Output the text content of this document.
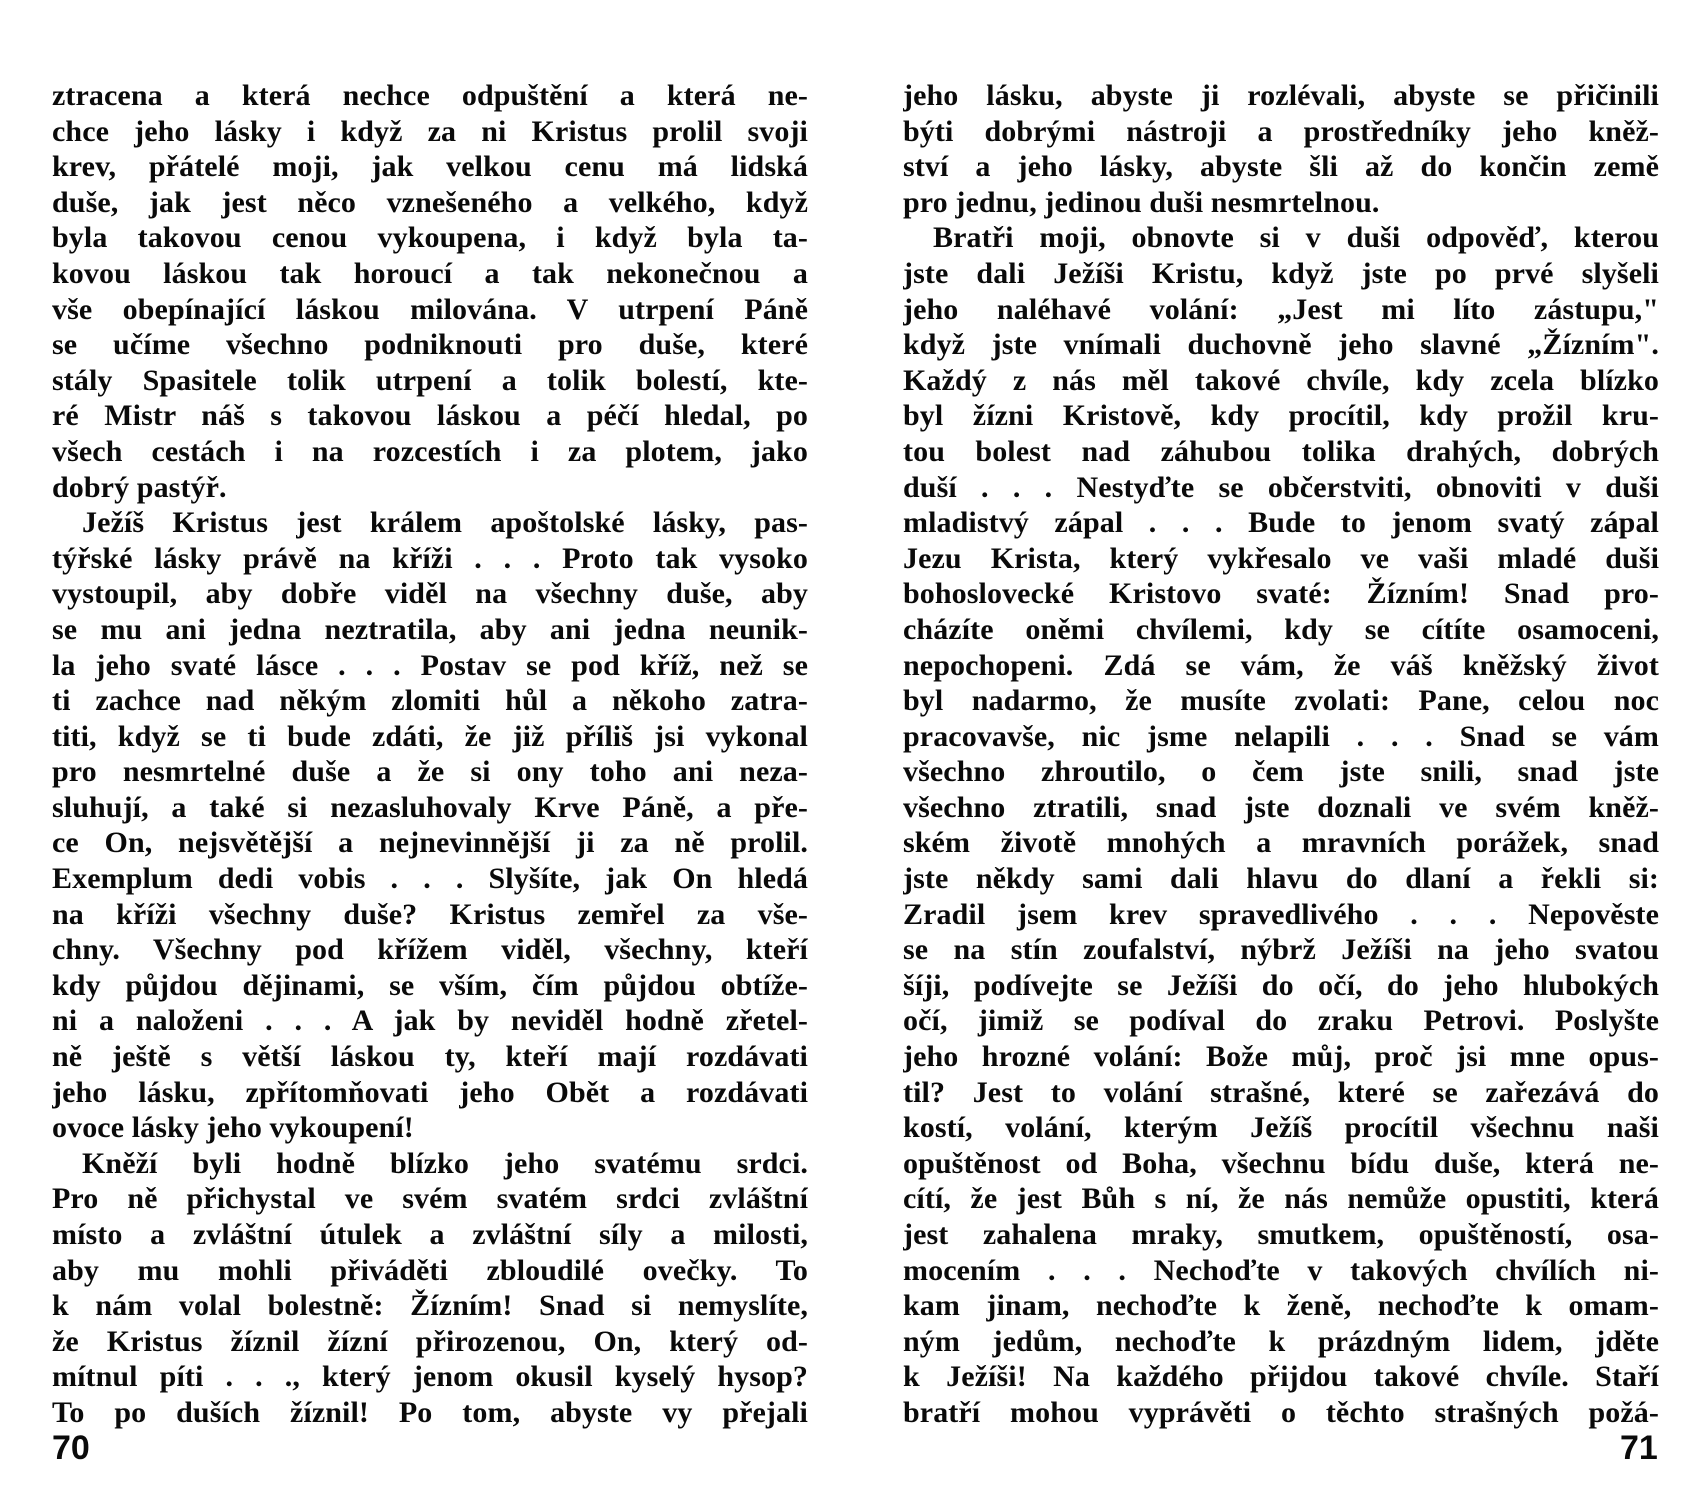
ztracena a která nechce odpuštění a která ne-
chce jeho lásky i když za ni Kristus prolil svoji
krev, přátelé moji, jak velkou cenu má lidská
duše, jak jest něco vznešeného a velkého, když
byla takovou cenou vykoupena, i když byla ta-
kovou láskou tak horoucí a tak nekonečnou a
vše obepínající láskou milována. V utrpení Páně
se učíme všechno podniknouti pro duše, které
stály Spasitele tolik utrpení a tolik bolestí, kte-
ré Mistr náš s takovou láskou a péčí hledal, po
všech cestách i na rozcestích i za plotem, jako
dobrý pastýř.
Ježíš Kristus jest králem apoštolské lásky, pas-
týřské lásky právě na kříži . . . Proto tak vysoko
vystoupil, aby dobře viděl na všechny duše, aby
se mu ani jedna neztratila, aby ani jedna neunik-
la jeho svaté lásce . . . Postav se pod kříž, než se
ti zachce nad někým zlomiti hůl a někoho zatra-
titi, když se ti bude zdáti, že již příliš jsi vykonal
pro nesmrtelné duše a že si ony toho ani neza-
sluhují, a také si nezasluhovaly Krve Páně, a pře-
ce On, nejsvětější a nejnevinnější ji za ně prolil.
Exemplum dedi vobis . . . Slyšíte, jak On hledá
na kříži všechny duše? Kristus zemřel za vše-
chny. Všechny pod křížem viděl, všechny, kteří
kdy půjdou dějinami, se vším, čím půjdou obtíže-
ni a naloženi . . . A jak by neviděl hodně zřetel-
ně ještě s větší láskou ty, kteří mají rozdávati
jeho lásku, zpřítomňovati jeho Obět a rozdávati
ovoce lásky jeho vykoupení!
Kněží byli hodně blízko jeho svatému srdci.
Pro ně přichystal ve svém svatém srdci zvláštní
místo a zvláštní útulek a zvláštní síly a milosti,
aby mu mohli přiváděti zbloudilé ovečky. To
k nám volal bolestně: Žízním! Snad si nemyslíte,
že Kristus žíznil žízní přirozenou, On, který od-
mítnul píti . . ., který jenom okusil kyselý hysop?
To po duších žíznil! Po tom, abyste vy přejali
jeho lásku, abyste ji rozlévali, abyste se přičinili
býti dobrými nástroji a prostředníky jeho kněž-
ství a jeho lásky, abyste šli až do končin země
pro jednu, jedinou duši nesmrtelnou.
Bratři moji, obnovte si v duši odpověď, kterou
jste dali Ježíši Kristu, když jste po prvé slyšeli
jeho naléhavé volání: „Jest mi líto zástupu,"
když jste vnímali duchovně jeho slavné „Žízním".
Každý z nás měl takové chvíle, kdy zcela blízko
byl žízni Kristově, kdy procítil, kdy prožil kru-
tou bolest nad záhubou tolika drahých, dobrých
duší . . . Nestyďte se občerstviti, obnoviti v duši
mladistvý zápal . . . Bude to jenom svatý zápal
Jezu Krista, který vykřesalo ve vaši mladé duši
bohoslovecké Kristovo svaté: Žízním! Snad pro-
cházíte oněmi chvílemi, kdy se cítíte osamoceni,
nepochopeni. Zdá se vám, že váš kněžský život
byl nadarmo, že musíte zvolati: Pane, celou noc
pracovavše, nic jsme nelapili . . . Snad se vám
všechno zhroutilo, o čem jste snili, snad jste
všechno ztratili, snad jste doznali ve svém kněž-
ském životě mnohých a mravních porážek, snad
jste někdy sami dali hlavu do dlaní a řekli si:
Zradil jsem krev spravedlivého . . . Nepověste
se na stín zoufalství, nýbrž Ježíši na jeho svatou
šíji, podívejte se Ježíši do očí, do jeho hlubokých
očí, jimiž se podíval do zraku Petrovi. Poslyšte
jeho hrozné volání: Bože můj, proč jsi mne opus-
til? Jest to volání strašné, které se zařezává do
kostí, volání, kterým Ježíš procítil všechnu naši
opuštěnost od Boha, všechnu bídu duše, která ne-
cítí, že jest Bůh s ní, že nás nemůže opustiti, která
jest zahalena mraky, smutkem, opuštěností, osa-
mocením . . . Nechoďte v takových chvílích ni-
kam jinam, nechoďte k ženě, nechoďte k omam-
ným jedům, nechoďte k prázdným lidem, jděte
k Ježíši! Na každého přijdou takové chvíle. Staří
bratří mohou vyprávěti o těchto strašných požá-
70	71
